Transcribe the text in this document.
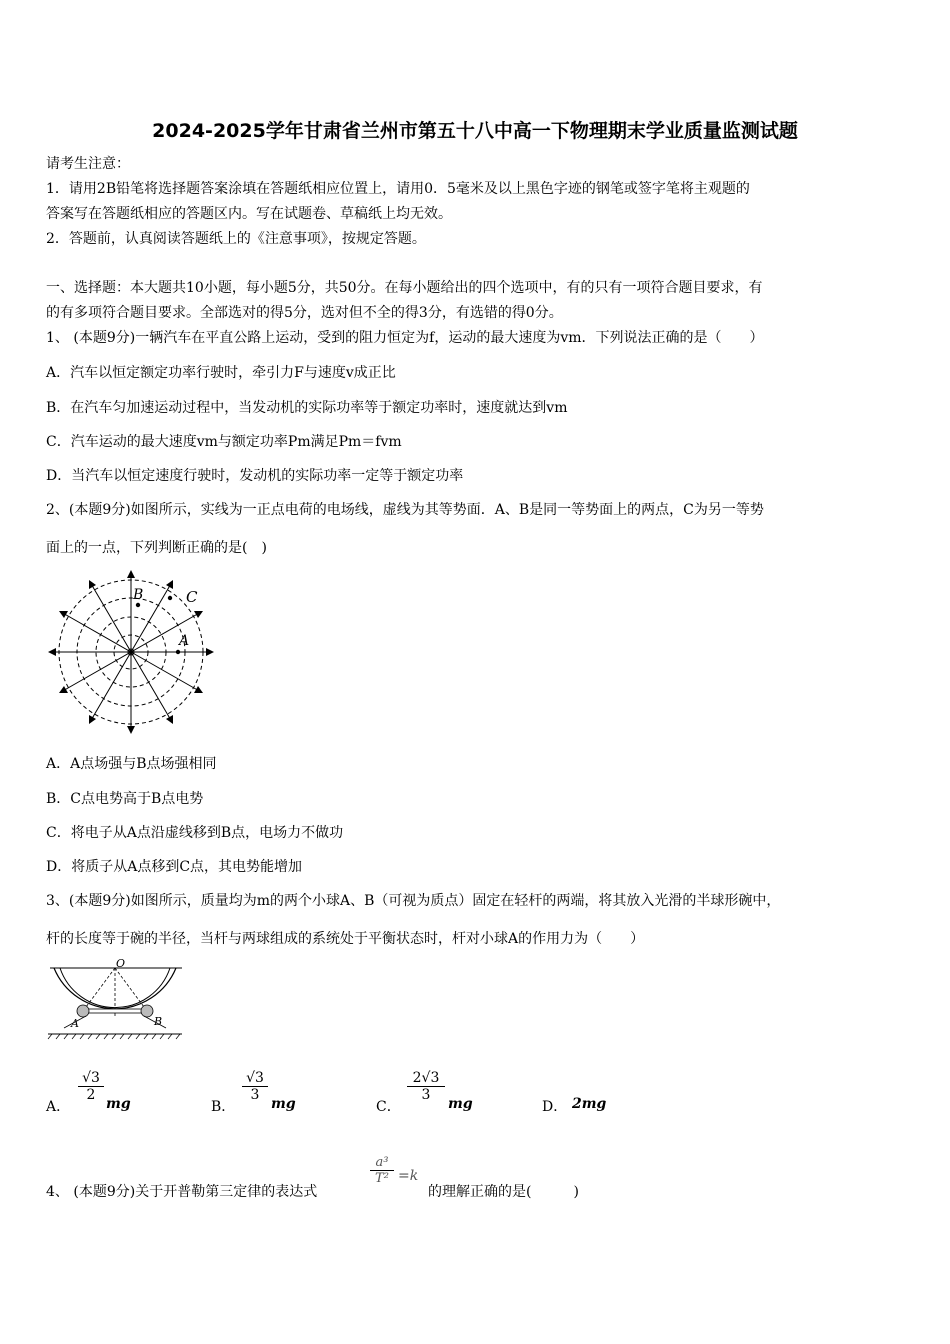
2024-2025学年甘肃省兰州市第五十八中高一下物理期末学业质量监测试题
请考生注意：
1．请用2B铅笔将选择题答案涂填在答题纸相应位置上，请用0．5毫米及以上黑色字迹的钢笔或签字笔将主观题的
答案写在答题纸相应的答题区内。写在试题卷、草稿纸上均无效。
2．答题前，认真阅读答题纸上的《注意事项》，按规定答题。
一、选择题：本大题共10小题，每小题5分，共50分。在每小题给出的四个选项中，有的只有一项符合题目要求，有
的有多项符合题目要求。全部选对的得5分，选对但不全的得3分，有选错的得0分。
1、 (本题9分)一辆汽车在平直公路上运动，受到的阻力恒定为f，运动的最大速度为vm．下列说法正确的是（　　）
A．汽车以恒定额定功率行驶时，牵引力F与速度v成正比
B．在汽车匀加速运动过程中，当发动机的实际功率等于额定功率时，速度就达到vm
C．汽车运动的最大速度vm与额定功率Pm满足Pm＝fvm
D．当汽车以恒定速度行驶时，发动机的实际功率一定等于额定功率
2、(本题9分)如图所示，实线为一正点电荷的电场线，虚线为其等势面．A、B是同一等势面上的两点，C为另一等势
面上的一点，下列判断正确的是(　)
B	C
A
A．A点场强与B点场强相同
B．C点电势高于B点电势
C．将电子从A点沿虚线移到B点，电场力不做功
D．将质子从A点移到C点，其电势能增加
3、(本题9分)如图所示，质量均为m的两个小球A、B（可视为质点）固定在轻杆的两端，将其放入光滑的半球形碗中，
杆的长度等于碗的半径，当杆与两球组成的系统处于平衡状态时，杆对小球A的作用力为（　　）
O
A	B
A．
$\frac{√3}{2}$
mg	B．
$\frac{√3}{3}$
mg	C．
$\frac{2√3}{3}$
mg	D． 2mg
4、 (本题9分)关于开普勒第三定律的表达式
$\frac{\text{a³}}{\text{T²}} =k$
的理解正确的是(　　　)
